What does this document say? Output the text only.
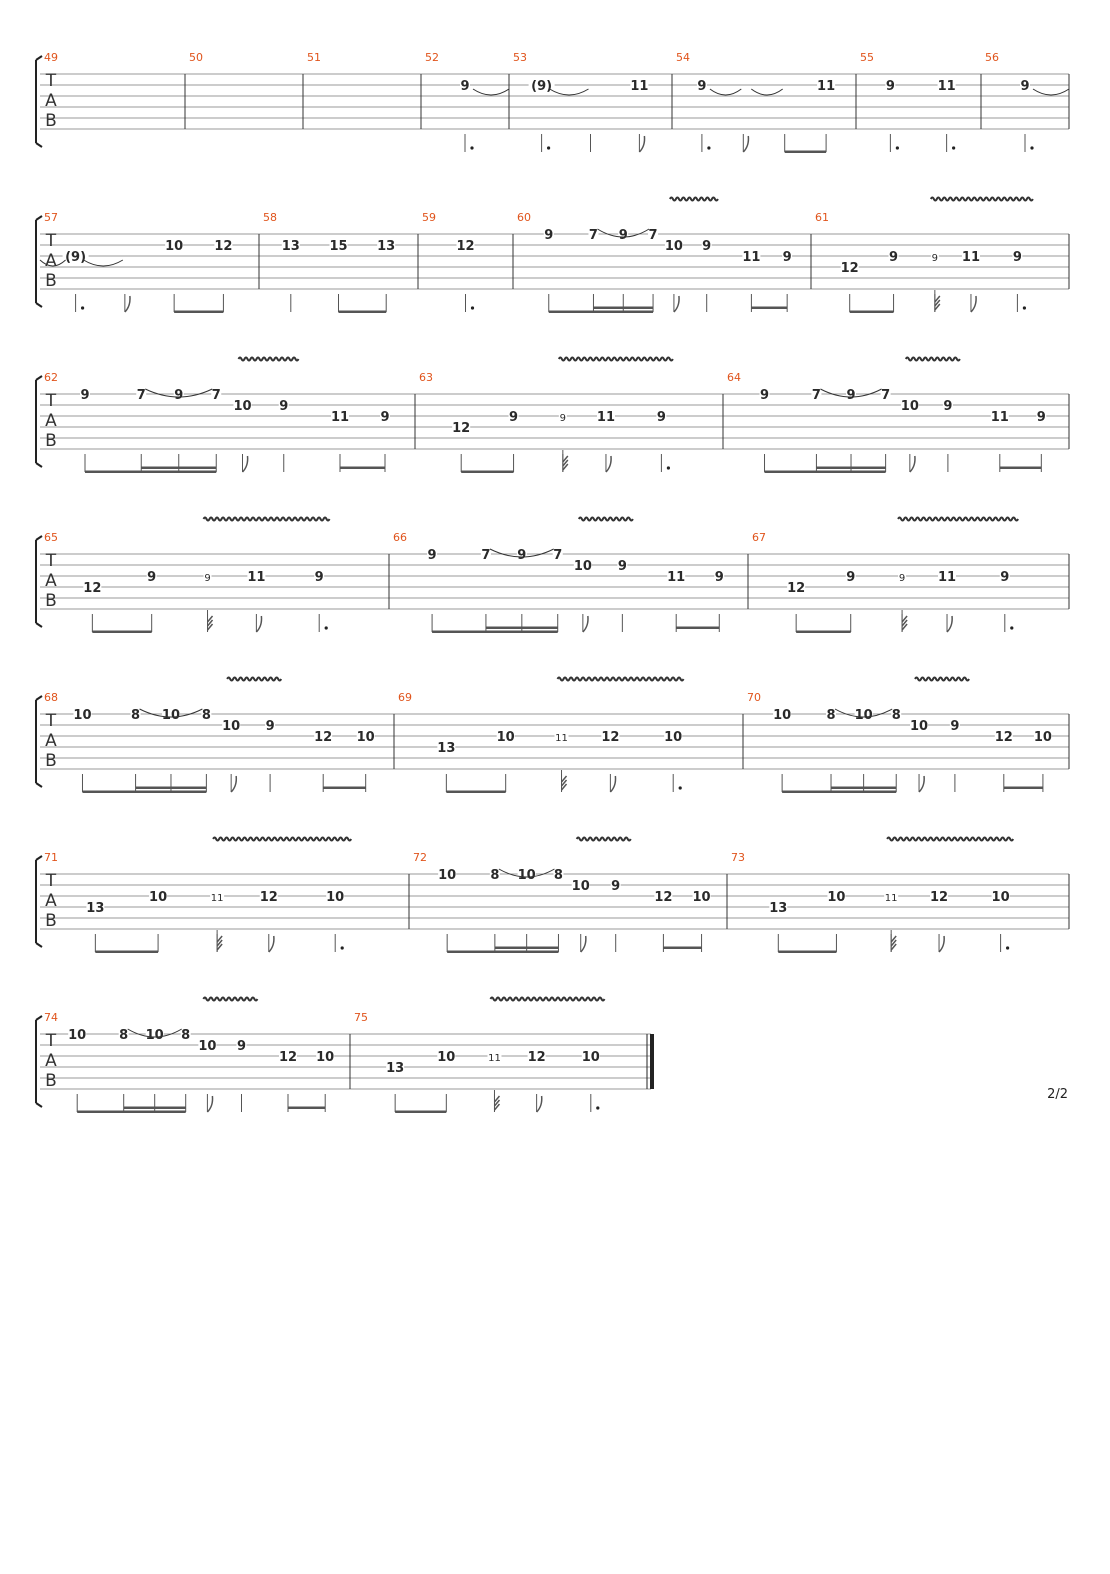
T
A
B
49	50	51	52
9
53
(9)	11
54
9	11
55
9	11
56
9
T
A
B
57
(9)
10 12
58
13 15 13
59
12
60
9	7 9 7
10 9
11 9
61
12
9	9 11	9
T
A
B
62
9	7 9 7
10 9
11 9
63
12
9	9 11	9
64
9	7 9 7
10 9
11 9
T
A
B
65
12
9	9	11	9
66
9	7 9 7
10 9
11 9
67
12
9	9	11	9
T
A
B
68
10	8 10 8
10 9
12 10
69
13
10	11	12	10
70
10	8 10 8
10 9
12 10
T
A
B
71
13
10	11	12	10
72
10	8 10 8
10 9
12 10
73
13
10	11 12	10
T
A
B
74
10	8 10 8
10 9
12 10
75
13
10	11 12	10
2/2
